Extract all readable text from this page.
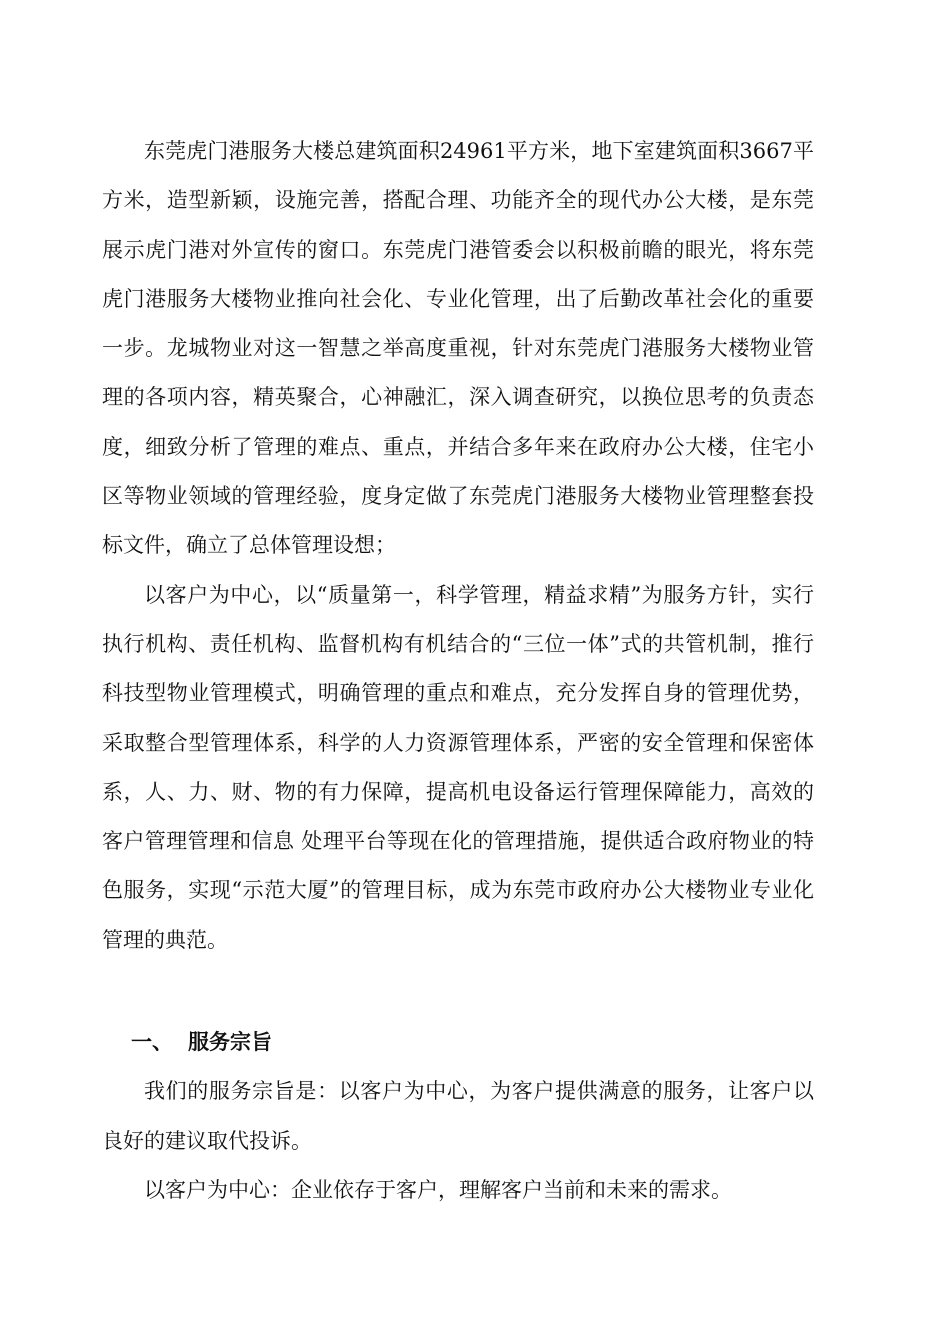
东莞虎门港服务大楼总建筑面积24961平方米，地下室建筑面积3667平方米，造型新颖，设施完善，搭配合理、功能齐全的现代办公大楼，是东莞展示虎门港对外宣传的窗口。东莞虎门港管委会以积极前瞻的眼光，将东莞虎门港服务大楼物业推向社会化、专业化管理，出了后勤改革社会化的重要一步。龙城物业对这一智慧之举高度重视，针对东莞虎门港服务大楼物业管理的各项内容，精英聚合，心神融汇，深入调查研究，以换位思考的负责态度，细致分析了管理的难点、重点，并结合多年来在政府办公大楼，住宅小区等物业领域的管理经验，度身定做了东莞虎门港服务大楼物业管理整套投标文件，确立了总体管理设想；

以客户为中心，以“质量第一，科学管理，精益求精”为服务方针，实行执行机构、责任机构、监督机构有机结合的“三位一体”式的共管机制，推行科技型物业管理模式，明确管理的重点和难点，充分发挥自身的管理优势，采取整合型管理体系，科学的人力资源管理体系，严密的安全管理和保密体系，人、力、财、物的有力保障，提高机电设备运行管理保障能力，高效的客户管理管理和信息 处理平台等现在化的管理措施，提供适合政府物业的特色服务，实现“示范大厦”的管理目标，成为东莞市政府办公大楼物业专业化管理的典范。

一、 服务宗旨

我们的服务宗旨是：以客户为中心，为客户提供满意的服务，让客户以良好的建议取代投诉。

以客户为中心：企业依存于客户，理解客户当前和未来的需求。
